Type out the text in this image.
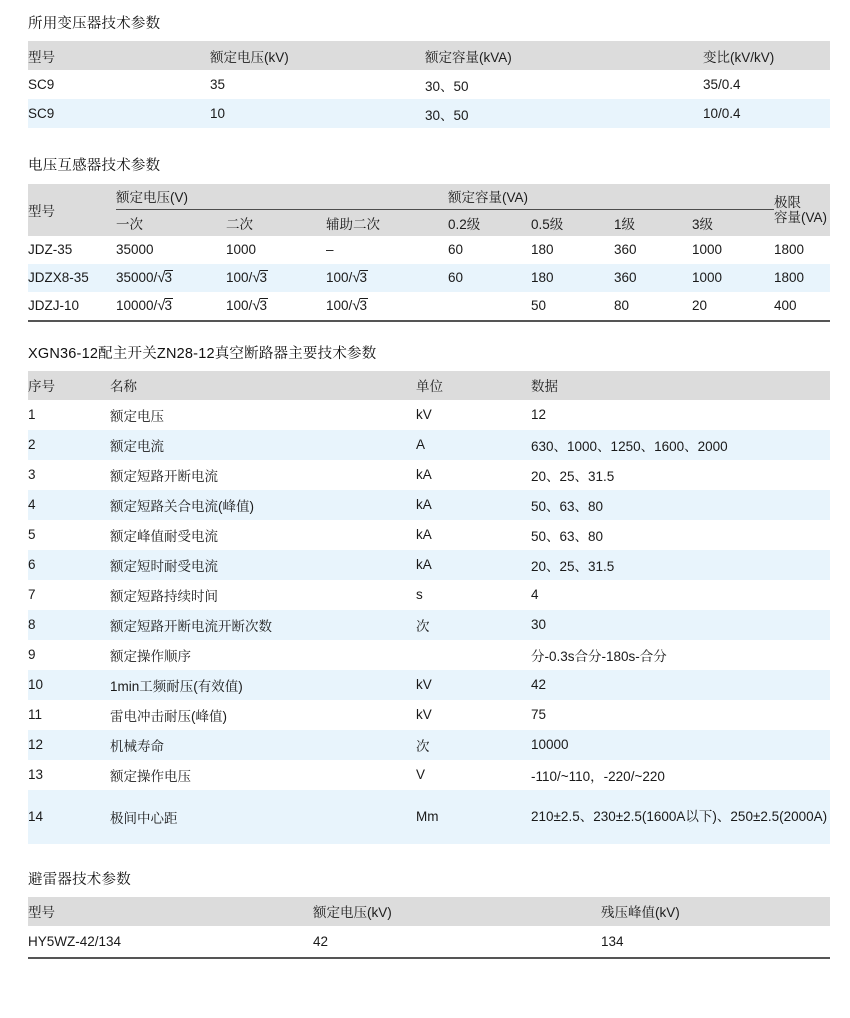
所用变压器技术参数
型号	额定电压(kV)	额定容量(kVA)	变比(kV/kV)
SC9	35	30、50	35/0.4
SC9	10	30、50	10/0.4
电压互感器技术参数
型号	额定电压(V)			额定容量(VA)				极限
容量(VA)
	一次	二次	辅助二次	0.2级	0.5级	1级	3级	
JDZ-35	35000	1000	–	60	180	360	1000	1800
JDZX8-35	35000/√3	100/√3	100/√3	60	180	360	1000	1800
JDZJ-10	10000/√3	100/√3	100/√3		50	80	20	400
XGN36-12配主开关ZN28-12真空断路器主要技术参数
序号	名称	单位	数据
1	额定电压	kV	12
2	额定电流	A	630、1000、1250、1600、2000
3	额定短路开断电流	kA	20、25、31.5
4	额定短路关合电流(峰值)	kA	50、63、80
5	额定峰值耐受电流	kA	50、63、80
6	额定短时耐受电流	kA	20、25、31.5
7	额定短路持续时间	s	4
8	额定短路开断电流开断次数	次	30
9	额定操作顺序		分-0.3s合分-180s-合分
10	1min工频耐压(有效值)	kV	42
11	雷电冲击耐压(峰值)	kV	75
12	机械寿命	次	10000
13	额定操作电压	V	-110/~110，-220/~220
14	极间中心距	Mm	210±2.5、230±2.5(1600A以下)、250±2.5(2000A)
避雷器技术参数
型号	额定电压(kV)	残压峰值(kV)
HY5WZ-42/134	42	134
